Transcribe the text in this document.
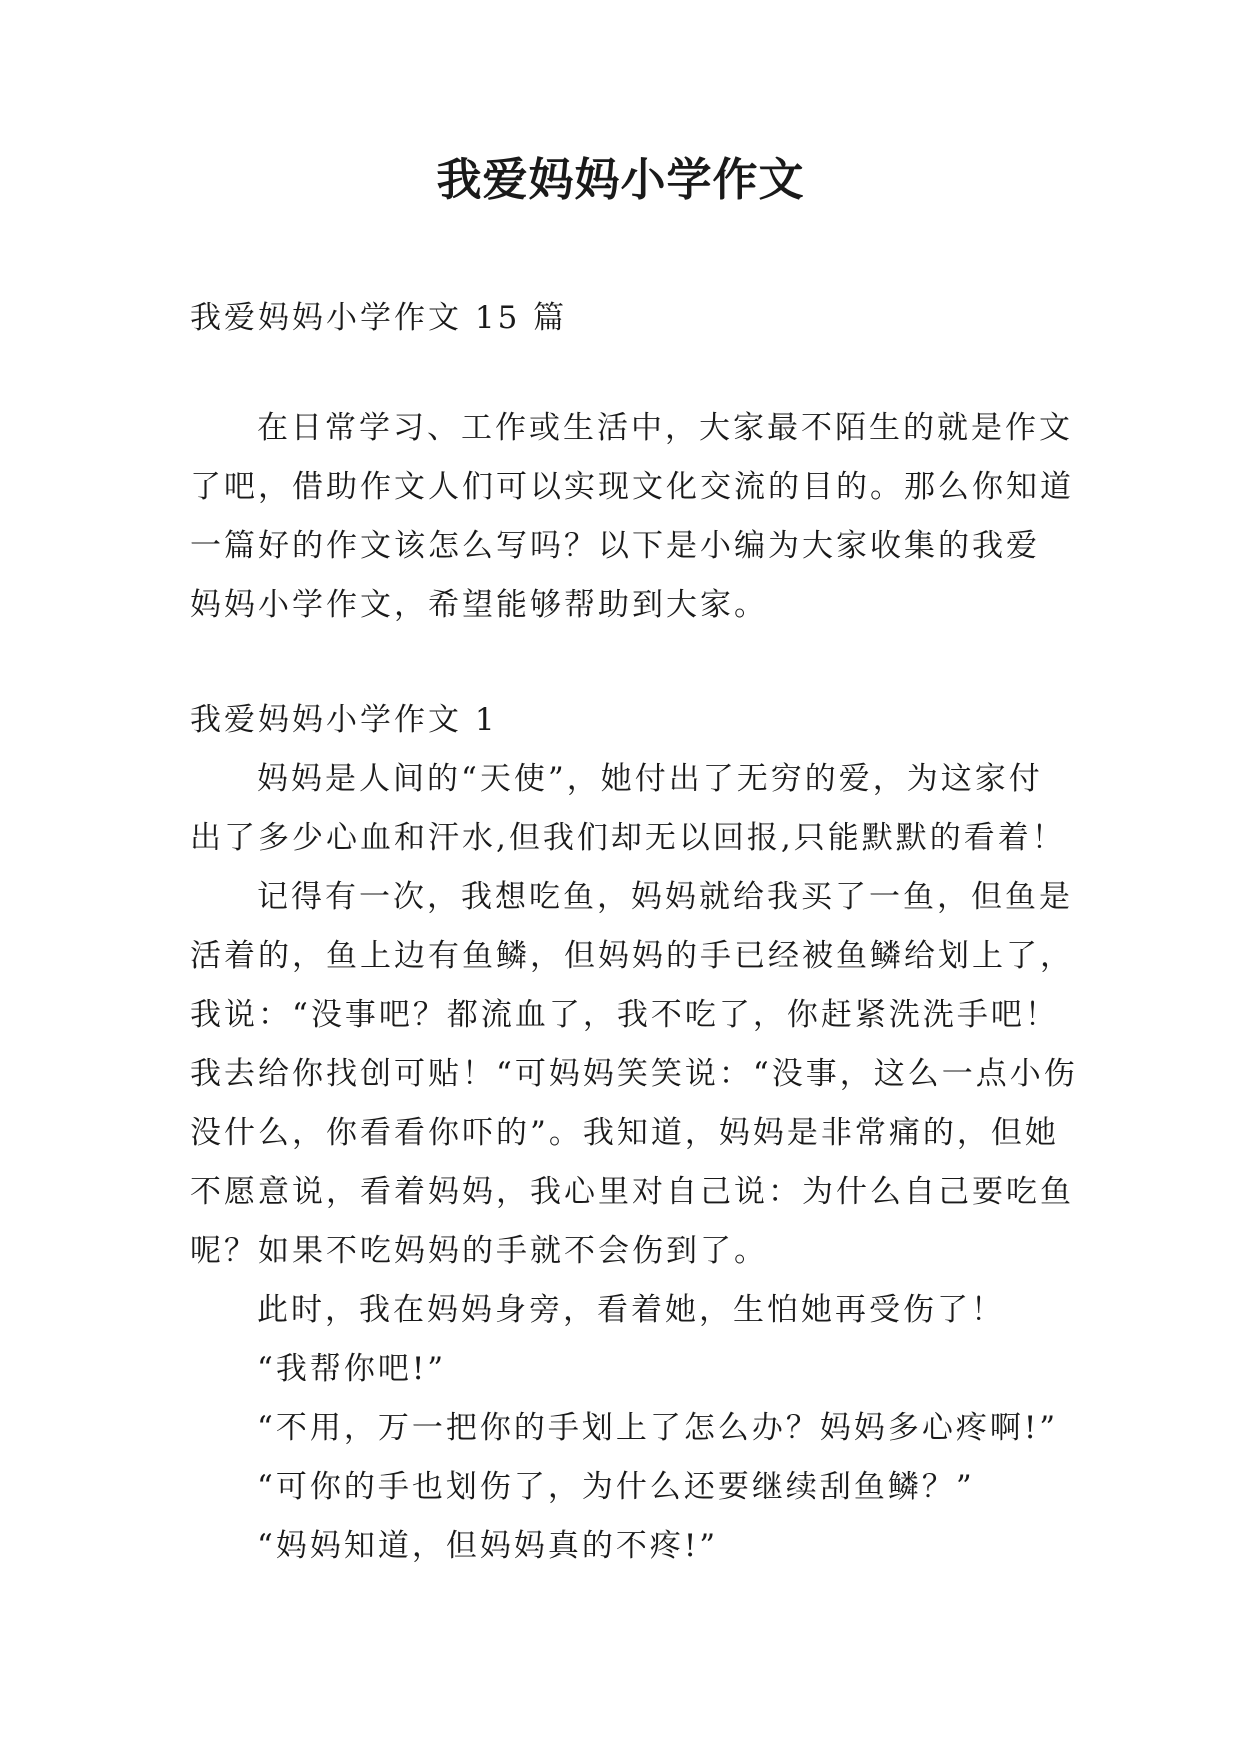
我爱妈妈小学作文
我爱妈妈小学作文 15 篇
在日常学习、工作或生活中，大家最不陌生的就是作文
了吧，借助作文人们可以实现文化交流的目的。那么你知道
一篇好的作文该怎么写吗？以下是小编为大家收集的我爱
妈妈小学作文，希望能够帮助到大家。
我爱妈妈小学作文 1
妈妈是人间的“天使”，她付出了无穷的爱，为这家付
出了多少心血和汗水,但我们却无以回报,只能默默的看着！
记得有一次，我想吃鱼，妈妈就给我买了一鱼，但鱼是
活着的，鱼上边有鱼鳞，但妈妈的手已经被鱼鳞给划上了，
我说：“没事吧？都流血了，我不吃了，你赶紧洗洗手吧！
我去给你找创可贴！“可妈妈笑笑说：“没事，这么一点小伤
没什么，你看看你吓的”。我知道，妈妈是非常痛的，但她
不愿意说，看着妈妈，我心里对自己说：为什么自己要吃鱼
呢？如果不吃妈妈的手就不会伤到了。
此时，我在妈妈身旁，看着她，生怕她再受伤了！
“我帮你吧!”
“不用，万一把你的手划上了怎么办？妈妈多心疼啊!”
“可你的手也划伤了，为什么还要继续刮鱼鳞？”
“妈妈知道，但妈妈真的不疼!”
